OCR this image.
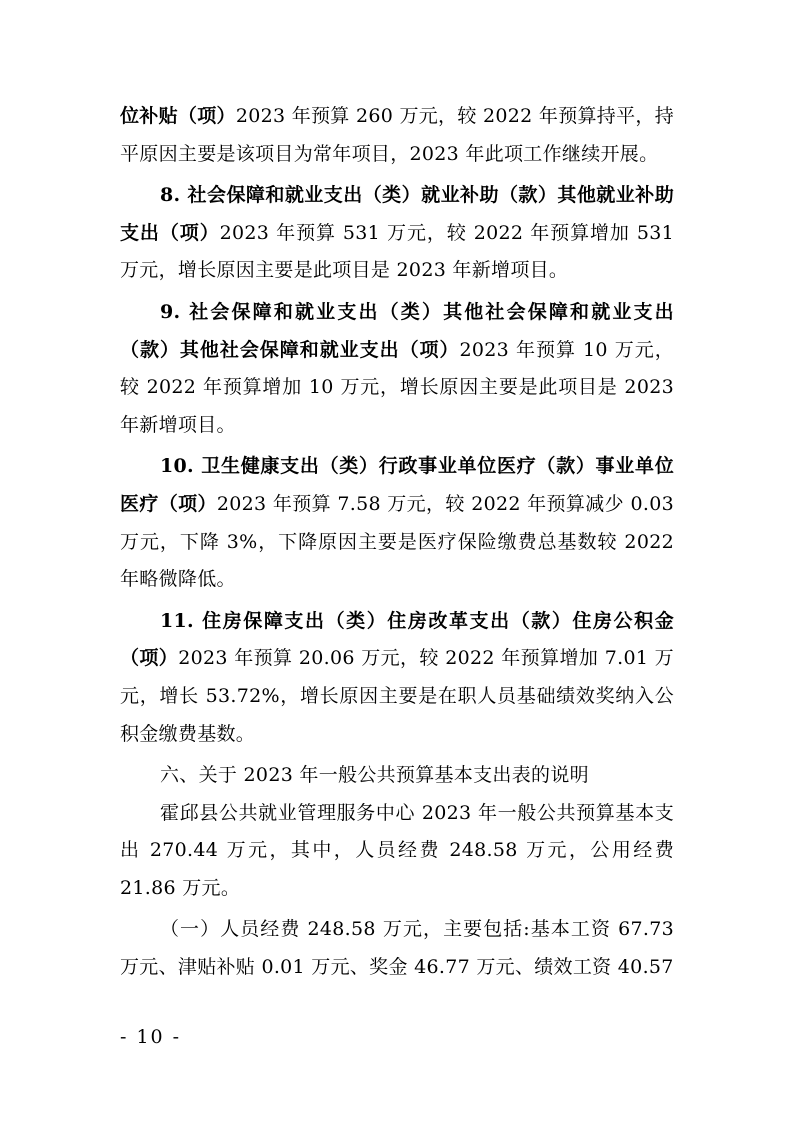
位补贴（项）2023 年预算 260 万元，较 2022 年预算持平，持平原因主要是该项目为常年项目，2023 年此项工作继续开展。

8. 社会保障和就业支出（类）就业补助（款）其他就业补助支出（项）2023 年预算 531 万元，较 2022 年预算增加 531 万元，增长原因主要是此项目是 2023 年新增项目。

9. 社会保障和就业支出（类）其他社会保障和就业支出（款）其他社会保障和就业支出（项）2023 年预算 10 万元，较 2022 年预算增加 10 万元，增长原因主要是此项目是 2023 年新增项目。

10. 卫生健康支出（类）行政事业单位医疗（款）事业单位医疗（项）2023 年预算 7.58 万元，较 2022 年预算减少 0.03 万元，下降 3%，下降原因主要是医疗保险缴费总基数较 2022 年略微降低。

11. 住房保障支出（类）住房改革支出（款）住房公积金（项）2023 年预算 20.06 万元，较 2022 年预算增加 7.01 万元，增长 53.72%，增长原因主要是在职人员基础绩效奖纳入公积金缴费基数。

六、关于 2023 年一般公共预算基本支出表的说明

霍邱县公共就业管理服务中心 2023 年一般公共预算基本支出 270.44 万元，其中，人员经费 248.58 万元，公用经费 21.86 万元。

（一）人员经费 248.58 万元，主要包括:基本工资 67.73 万元、津贴补贴 0.01 万元、奖金 46.77 万元、绩效工资 40.57

- 10 -
